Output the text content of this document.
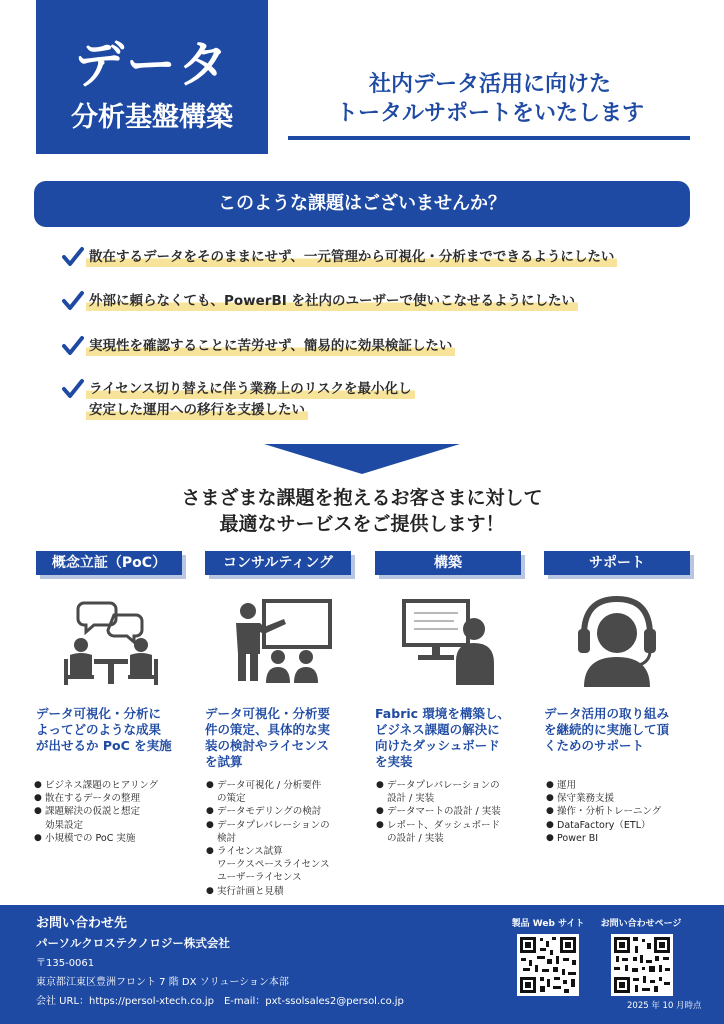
データ
分析基盤構築
社内データ活用に向けた
トータルサポートをいたします
このような課題はございませんか？
散在するデータをそのままにせず、一元管理から可視化・分析までできるようにしたい
外部に頼らなくても、PowerBI を社内のユーザーで使いこなせるようにしたい
実現性を確認することに苦労せず、簡易的に効果検証したい
ライセンス切り替えに伴う業務上のリスクを最小化し
安定した運用への移行を支援したい
さまざまな課題を抱えるお客さまに対して
最適なサービスをご提供します！
概念立証（PoC）
データ可視化・分析に
よってどのような成果
が出せるか PoC を実施
● ビジネス課題のヒアリング
● 散在するデータの整理
● 課題解決の仮説と想定
効果設定
● 小規模での PoC 実施
コンサルティング
データ可視化・分析要
件の策定、具体的な実
装の検討やライセンス
を試算
● データ可視化 / 分析要件
の策定
● データモデリングの検討
● データプレパレーションの
検討
● ライセンス試算
ワークスペースライセンス
ユーザーライセンス
● 実行計画と見積
構築
Fabric 環境を構築し、
ビジネス課題の解決に
向けたダッシュボード
を実装
● データプレパレーションの
設計 / 実装
● データマートの設計 / 実装
● レポート、ダッシュボード
の設計 / 実装
サポート
データ活用の取り組み
を継続的に実施して頂
くためのサポート
● 運用
● 保守業務支援
● 操作・分析トレーニング
● DataFactory（ETL）
● Power BI
お問い合わせ先
パーソルクロステクノロジー株式会社
〒135-0061
東京都江東区豊洲フロント 7 階 DX ソリューション本部
会社 URL：https://persol-xtech.co.jp　E-mail：pxt-ssolsales2@persol.co.jp
製品 Web サイト	お問い合わせページ
2025 年 10 月時点
